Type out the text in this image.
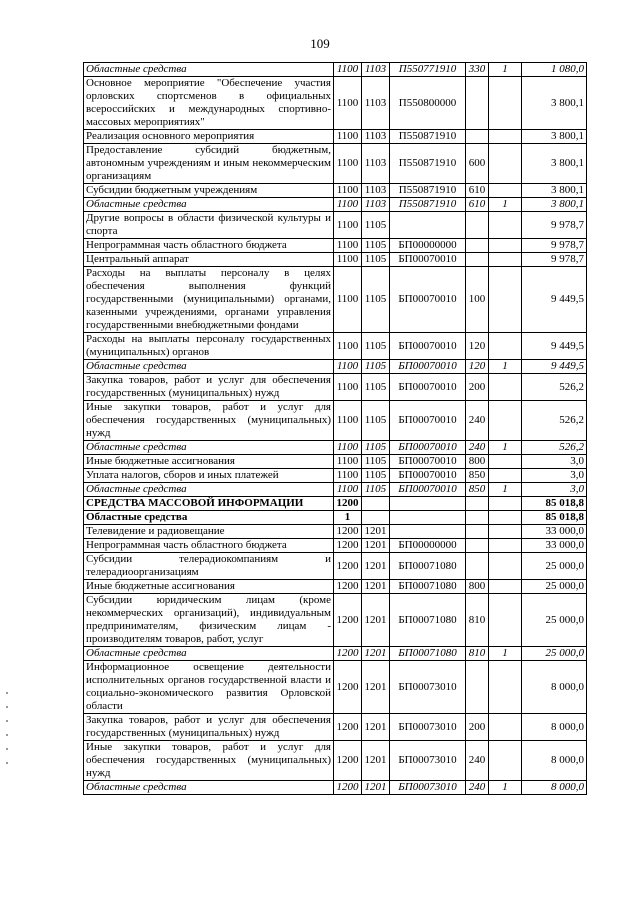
109
Областные средства	1100	1103	П550771910	330	1	1 080,0
Основное мероприятие "Обеспечение участия орловских спортсменов в официальных всероссийских и международных спортивно-массовых мероприятиях"	1100	1103	П550800000			3 800,1
Реализация основного мероприятия	1100	1103	П550871910			3 800,1
Предоставление субсидий бюджетным, автономным учреждениям и иным некоммерческим организациям	1100	1103	П550871910	600		3 800,1
Субсидии бюджетным учреждениям	1100	1103	П550871910	610		3 800,1
Областные средства	1100	1103	П550871910	610	1	3 800,1
Другие вопросы в области физической культуры и спорта	1100	1105				9 978,7
Непрограммная часть областного бюджета	1100	1105	БП00000000			9 978,7
Центральный аппарат	1100	1105	БП00070010			9 978,7
Расходы на выплаты персоналу в целях обеспечения выполнения функций государственными (муниципальными) органами, казенными учреждениями, органами управления государственными внебюджетными фондами	1100	1105	БП00070010	100		9 449,5
Расходы на выплаты персоналу государственных (муниципальных) органов	1100	1105	БП00070010	120		9 449,5
Областные средства	1100	1105	БП00070010	120	1	9 449,5
Закупка товаров, работ и услуг для обеспечения государственных (муниципальных) нужд	1100	1105	БП00070010	200		526,2
Иные закупки товаров, работ и услуг для обеспечения государственных (муниципальных) нужд	1100	1105	БП00070010	240		526,2
Областные средства	1100	1105	БП00070010	240	1	526,2
Иные бюджетные ассигнования	1100	1105	БП00070010	800		3,0
Уплата налогов, сборов и иных платежей	1100	1105	БП00070010	850		3,0
Областные средства	1100	1105	БП00070010	850	1	3,0
СРЕДСТВА МАССОВОЙ ИНФОРМАЦИИ	1200					85 018,8
Областные средства	1					85 018,8
Телевидение и радиовещание	1200	1201				33 000,0
Непрограммная часть областного бюджета	1200	1201	БП00000000			33 000,0
Субсидии телерадиокомпаниям и телерадиоорганизациям	1200	1201	БП00071080			25 000,0
Иные бюджетные ассигнования	1200	1201	БП00071080	800		25 000,0
Субсидии юридическим лицам (кроме некоммерческих организаций), индивидуальным предпринимателям, физическим лицам - производителям товаров, работ, услуг	1200	1201	БП00071080	810		25 000,0
Областные средства	1200	1201	БП00071080	810	1	25 000,0
Информационное освещение деятельности исполнительных органов государственной власти и социально-экономического развития Орловской области	1200	1201	БП00073010			8 000,0
Закупка товаров, работ и услуг для обеспечения государственных (муниципальных) нужд	1200	1201	БП00073010	200		8 000,0
Иные закупки товаров, работ и услуг для обеспечения государственных (муниципальных) нужд	1200	1201	БП00073010	240		8 000,0
Областные средства	1200	1201	БП00073010	240	1	8 000,0
